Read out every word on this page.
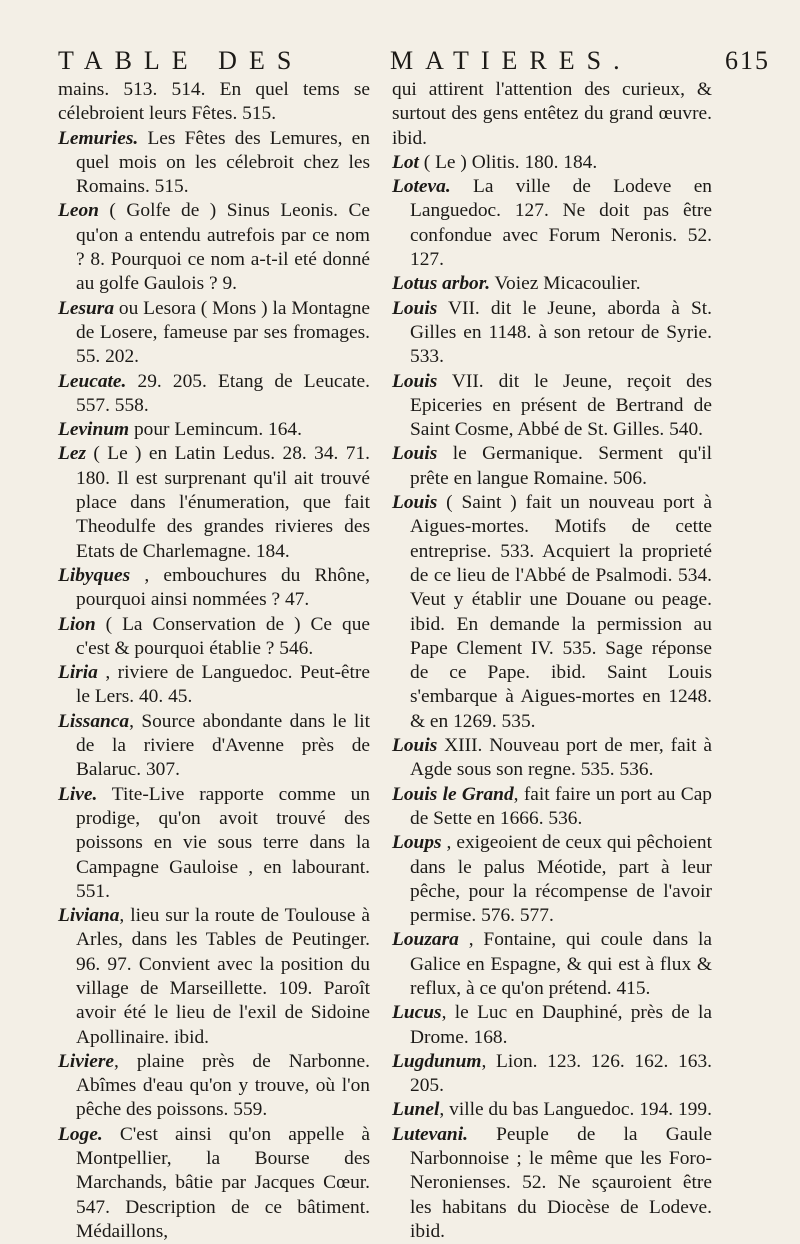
TABLE DES	MATIERES.	615

mains. 513. 514. En quel tems se célebroient leurs Fêtes. 515.

Lemuries. Les Fêtes des Lemures, en quel mois on les célebroit chez les Romains. 515.

Leon ( Golfe de ) Sinus Leonis. Ce qu'on a entendu autrefois par ce nom ? 8. Pourquoi ce nom a-t-il eté donné au golfe Gaulois ? 9.

Lesura ou Lesora ( Mons ) la Montagne de Losere, fameuse par ses fromages. 55. 202.

Leucate. 29. 205. Etang de Leucate. 557. 558.

Levinum pour Lemincum. 164.

Lez ( Le ) en Latin Ledus. 28. 34. 71. 180. Il est surprenant qu'il ait trouvé place dans l'énumeration, que fait Theodulfe des grandes rivieres des Etats de Charlemagne. 184.

Libyques , embouchures du Rhône, pourquoi ainsi nommées ? 47.

Lion ( La Conservation de ) Ce que c'est & pourquoi établie ? 546.

Liria , riviere de Languedoc. Peut-être le Lers. 40. 45.

Lissanca, Source abondante dans le lit de la riviere d'Avenne près de Balaruc. 307.

Live. Tite-Live rapporte comme un prodige, qu'on avoit trouvé des poissons en vie sous terre dans la Campagne Gauloise , en labourant. 551.

Liviana, lieu sur la route de Toulouse à Arles, dans les Tables de Peutinger. 96. 97. Convient avec la position du village de Marseillette. 109. Paroît avoir été le lieu de l'exil de Sidoine Apollinaire. ibid.

Liviere, plaine près de Narbonne. Abîmes d'eau qu'on y trouve, où l'on pêche des poissons. 559.

Loge. C'est ainsi qu'on appelle à Montpellier, la Bourse des Marchands, bâtie par Jacques Cœur. 547. Description de ce bâtiment. Médaillons,

qui attirent l'attention des curieux, & surtout des gens entêtez du grand œuvre. ibid.

Lot ( Le ) Olitis. 180. 184.

Loteva. La ville de Lodeve en Languedoc. 127. Ne doit pas être confondue avec Forum Neronis. 52. 127.

Lotus arbor. Voiez Micacoulier.

Louis VII. dit le Jeune, aborda à St. Gilles en 1148. à son retour de Syrie. 533.

Louis VII. dit le Jeune, reçoit des Epiceries en présent de Bertrand de Saint Cosme, Abbé de St. Gilles. 540.

Louis le Germanique. Serment qu'il prête en langue Romaine. 506.

Louis ( Saint ) fait un nouveau port à Aigues-mortes. Motifs de cette entreprise. 533. Acquiert la proprieté de ce lieu de l'Abbé de Psalmodi. 534. Veut y établir une Douane ou peage. ibid. En demande la permission au Pape Clement IV. 535. Sage réponse de ce Pape. ibid. Saint Louis s'embarque à Aigues-mortes en 1248. & en 1269. 535.

Louis XIII. Nouveau port de mer, fait à Agde sous son regne. 535. 536.

Louis le Grand, fait faire un port au Cap de Sette en 1666. 536.

Loups , exigeoient de ceux qui pêchoient dans le palus Méotide, part à leur pêche, pour la récompense de l'avoir permise. 576. 577.

Louzara , Fontaine, qui coule dans la Galice en Espagne, & qui est à flux & reflux, à ce qu'on prétend. 415.

Lucus, le Luc en Dauphiné, près de la Drome. 168.

Lugdunum, Lion. 123. 126. 162. 163. 205.

Lunel, ville du bas Languedoc. 194. 199.

Lutevani. Peuple de la Gaule Narbonnoise ; le même que les Foro-Neronienses. 52. Ne sçauroient être les habitans du Diocèse de Lodeve. ibid.
